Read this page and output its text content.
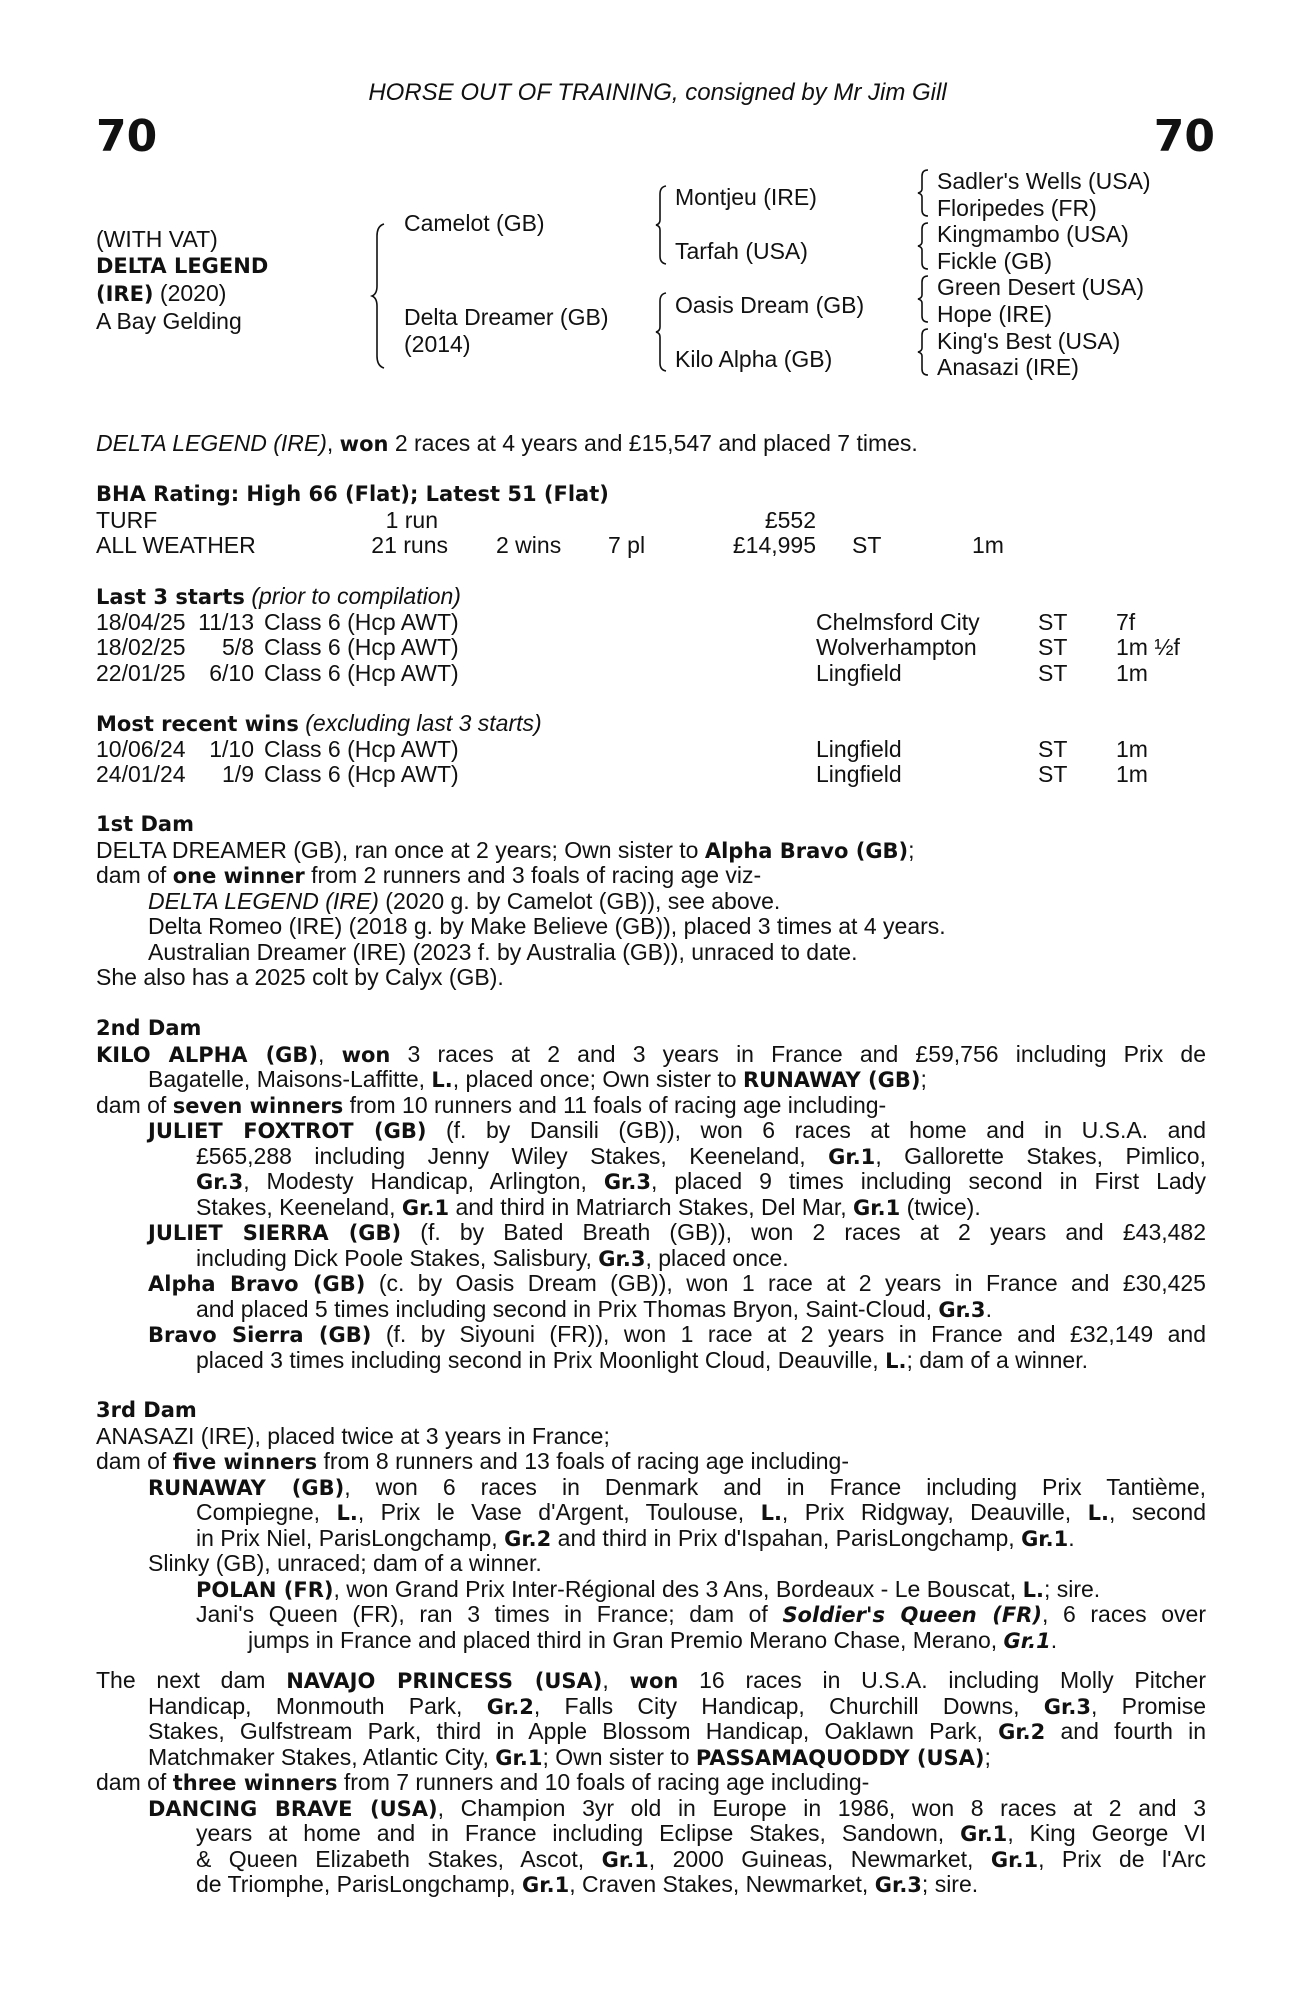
HORSE OUT OF TRAINING, consigned by Mr Jim Gill
70	70
(WITH VAT)
DELTA LEGEND
(IRE) (2020)
A Bay Gelding
Camelot (GB)
Delta Dreamer (GB)
(2014)
Montjeu (IRE)
Tarfah (USA)
Oasis Dream (GB)
Kilo Alpha (GB)
Sadler's Wells (USA)
Floripedes (FR)
Kingmambo (USA)
Fickle (GB)
Green Desert (USA)
Hope (IRE)
King's Best (USA)
Anasazi (IRE)
DELTA LEGEND (IRE), won 2 races at 4 years and £15,547 and placed 7 times.
BHA Rating: High 66 (Flat); Latest 51 (Flat)
TURF	1 run	£552
ALL WEATHER	21 runs 2 wins 7 pl	£14,995 ST	1m
Last 3 starts (prior to compilation)
18/04/25 11/13 Class 6 (Hcp AWT)	Chelmsford City	ST 7f
18/02/25	5/8 Class 6 (Hcp AWT)	Wolverhampton	ST 1m ½f
22/01/25	6/10 Class 6 (Hcp AWT)	Lingfield	ST 1m
Most recent wins (excluding last 3 starts)
10/06/24	1/10 Class 6 (Hcp AWT)	Lingfield	ST 1m
24/01/24	1/9 Class 6 (Hcp AWT)	Lingfield	ST 1m
1st Dam
DELTA DREAMER (GB), ran once at 2 years; Own sister to Alpha Bravo (GB);
dam of one winner from 2 runners and 3 foals of racing age viz-
DELTA LEGEND (IRE) (2020 g. by Camelot (GB)), see above.
Delta Romeo (IRE) (2018 g. by Make Believe (GB)), placed 3 times at 4 years.
Australian Dreamer (IRE) (2023 f. by Australia (GB)), unraced to date.
She also has a 2025 colt by Calyx (GB).
2nd Dam
KILO ALPHA (GB), won 3 races at 2 and 3 years in France and £59,756 including Prix de
Bagatelle, Maisons-Laffitte, L., placed once; Own sister to RUNAWAY (GB);
dam of seven winners from 10 runners and 11 foals of racing age including-
JULIET FOXTROT (GB) (f. by Dansili (GB)), won 6 races at home and in U.S.A. and
£565,288 including Jenny Wiley Stakes, Keeneland, Gr.1, Gallorette Stakes, Pimlico,
Gr.3, Modesty Handicap, Arlington, Gr.3, placed 9 times including second in First Lady
Stakes, Keeneland, Gr.1 and third in Matriarch Stakes, Del Mar, Gr.1 (twice).
JULIET SIERRA (GB) (f. by Bated Breath (GB)), won 2 races at 2 years and £43,482
including Dick Poole Stakes, Salisbury, Gr.3, placed once.
Alpha Bravo (GB) (c. by Oasis Dream (GB)), won 1 race at 2 years in France and £30,425
and placed 5 times including second in Prix Thomas Bryon, Saint-Cloud, Gr.3.
Bravo Sierra (GB) (f. by Siyouni (FR)), won 1 race at 2 years in France and £32,149 and
placed 3 times including second in Prix Moonlight Cloud, Deauville, L.; dam of a winner.
3rd Dam
ANASAZI (IRE), placed twice at 3 years in France;
dam of five winners from 8 runners and 13 foals of racing age including-
RUNAWAY (GB), won 6 races in Denmark and in France including Prix Tantième,
Compiegne, L., Prix le Vase d'Argent, Toulouse, L., Prix Ridgway, Deauville, L., second
in Prix Niel, ParisLongchamp, Gr.2 and third in Prix d'Ispahan, ParisLongchamp, Gr.1.
Slinky (GB), unraced; dam of a winner.
POLAN (FR), won Grand Prix Inter-Régional des 3 Ans, Bordeaux - Le Bouscat, L.; sire.
Jani's Queen (FR), ran 3 times in France; dam of Soldier's Queen (FR), 6 races over
jumps in France and placed third in Gran Premio Merano Chase, Merano, Gr.1.
The next dam NAVAJO PRINCESS (USA), won 16 races in U.S.A. including Molly Pitcher
Handicap, Monmouth Park, Gr.2, Falls City Handicap, Churchill Downs, Gr.3, Promise
Stakes, Gulfstream Park, third in Apple Blossom Handicap, Oaklawn Park, Gr.2 and fourth in
Matchmaker Stakes, Atlantic City, Gr.1; Own sister to PASSAMAQUODDY (USA);
dam of three winners from 7 runners and 10 foals of racing age including-
DANCING BRAVE (USA), Champion 3yr old in Europe in 1986, won 8 races at 2 and 3
years at home and in France including Eclipse Stakes, Sandown, Gr.1, King George VI
& Queen Elizabeth Stakes, Ascot, Gr.1, 2000 Guineas, Newmarket, Gr.1, Prix de l'Arc
de Triomphe, ParisLongchamp, Gr.1, Craven Stakes, Newmarket, Gr.3; sire.
